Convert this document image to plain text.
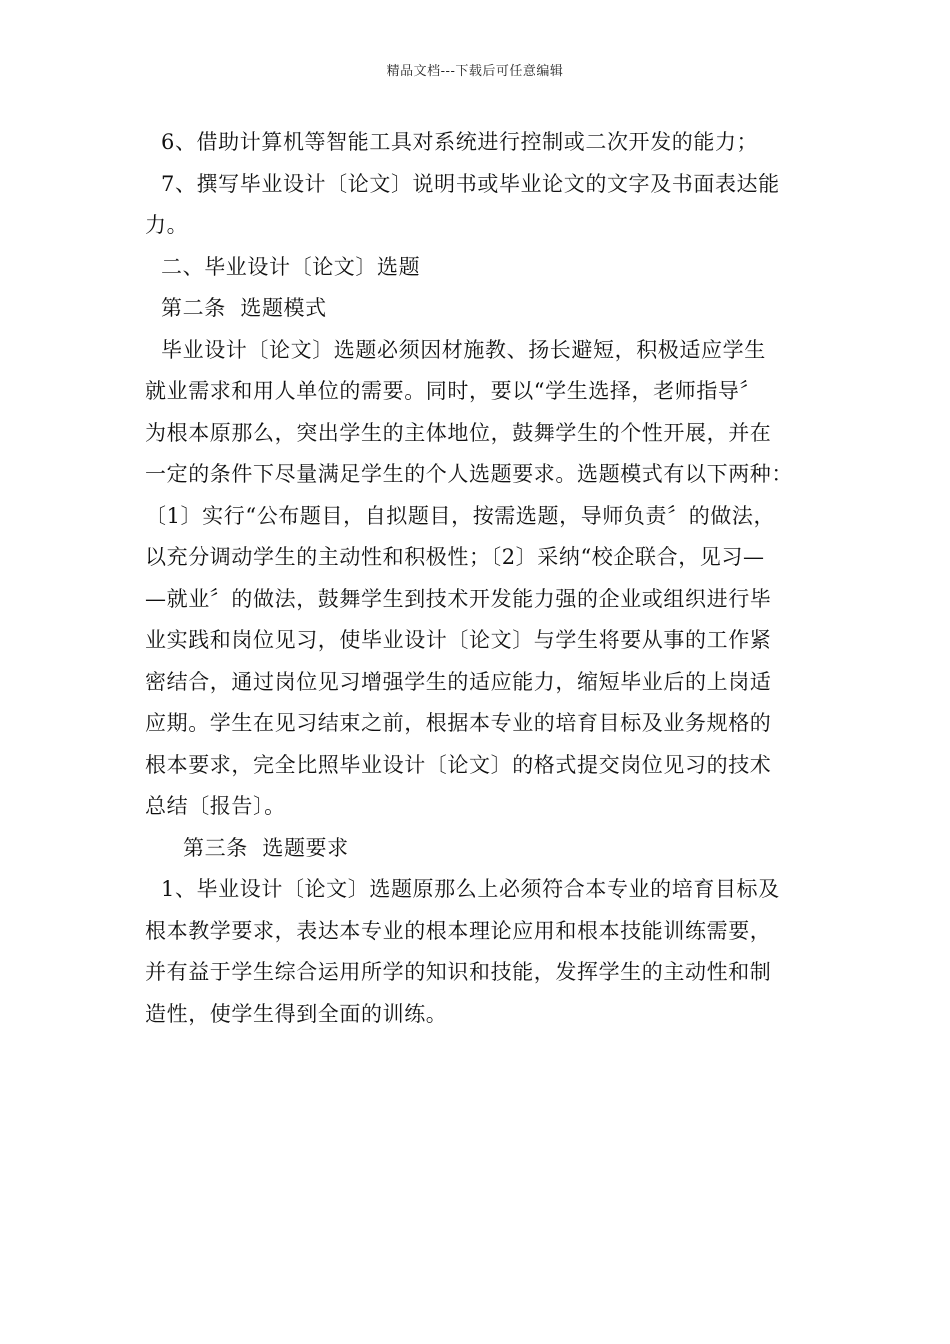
精品文档---下载后可任意编辑

6、借助计算机等智能工具对系统进行控制或二次开发的能力；

7、撰写毕业设计〔论文〕说明书或毕业论文的文字及书面表达能

力。

二、毕业设计〔论文〕选题

第二条  选题模式

毕业设计〔论文〕选题必须因材施教、扬长避短，积极适应学生

就业需求和用人单位的需要。同时，要以“学生选择，老师指导〞

为根本原那么，突出学生的主体地位，鼓舞学生的个性开展，并在

一定的条件下尽量满足学生的个人选题要求。选题模式有以下两种：

〔1〕实行“公布题目，自拟题目，按需选题，导师负责〞的做法，

以充分调动学生的主动性和积极性；〔2〕采纳“校企联合，见习—

—就业〞的做法，鼓舞学生到技术开发能力强的企业或组织进行毕

业实践和岗位见习，使毕业设计〔论文〕与学生将要从事的工作紧

密结合，通过岗位见习增强学生的适应能力，缩短毕业后的上岗适

应期。学生在见习结束之前，根据本专业的培育目标及业务规格的

根本要求，完全比照毕业设计〔论文〕的格式提交岗位见习的技术

总结〔报告〕。

第三条  选题要求

1、毕业设计〔论文〕选题原那么上必须符合本专业的培育目标及

根本教学要求，表达本专业的根本理论应用和根本技能训练需要，

并有益于学生综合运用所学的知识和技能，发挥学生的主动性和制

造性，使学生得到全面的训练。
